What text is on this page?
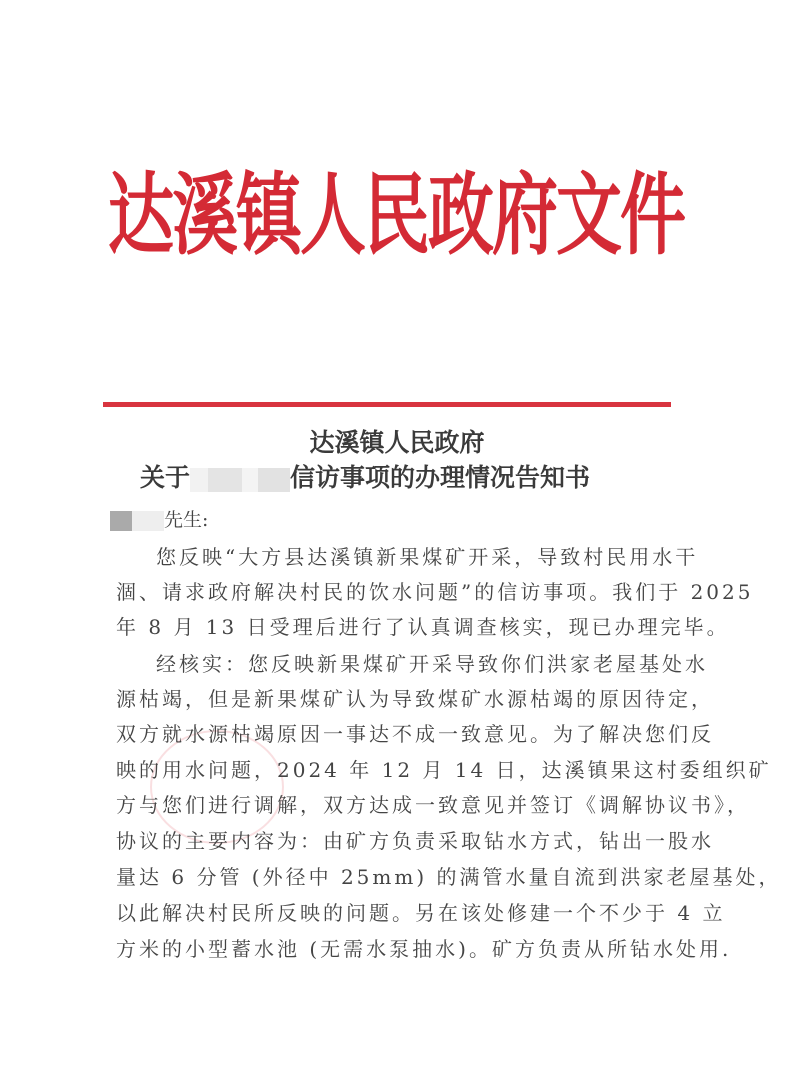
达溪镇人民政府文件
达溪镇人民政府
关于	信访事项的办理情况告知书
先生:
您反映“大方县达溪镇新果煤矿开采，导致村民用水干
涸、请求政府解决村民的饮水问题”的信访事项。我们于 2025
年 8 月 13 日受理后进行了认真调查核实，现已办理完毕。
经核实：您反映新果煤矿开采导致你们洪家老屋基处水
源枯竭，但是新果煤矿认为导致煤矿水源枯竭的原因待定，
双方就水源枯竭原因一事达不成一致意见。为了解决您们反
映的用水问题，2024 年 12 月 14 日，达溪镇果这村委组织矿
方与您们进行调解，双方达成一致意见并签订《调解协议书》，
协议的主要内容为：由矿方负责采取钻水方式，钻出一股水
量达 6 分管 (外径中 25mm) 的满管水量自流到洪家老屋基处，
以此解决村民所反映的问题。另在该处修建一个不少于 4 立
方米的小型蓄水池 (无需水泵抽水)。矿方负责从所钻水处用.
